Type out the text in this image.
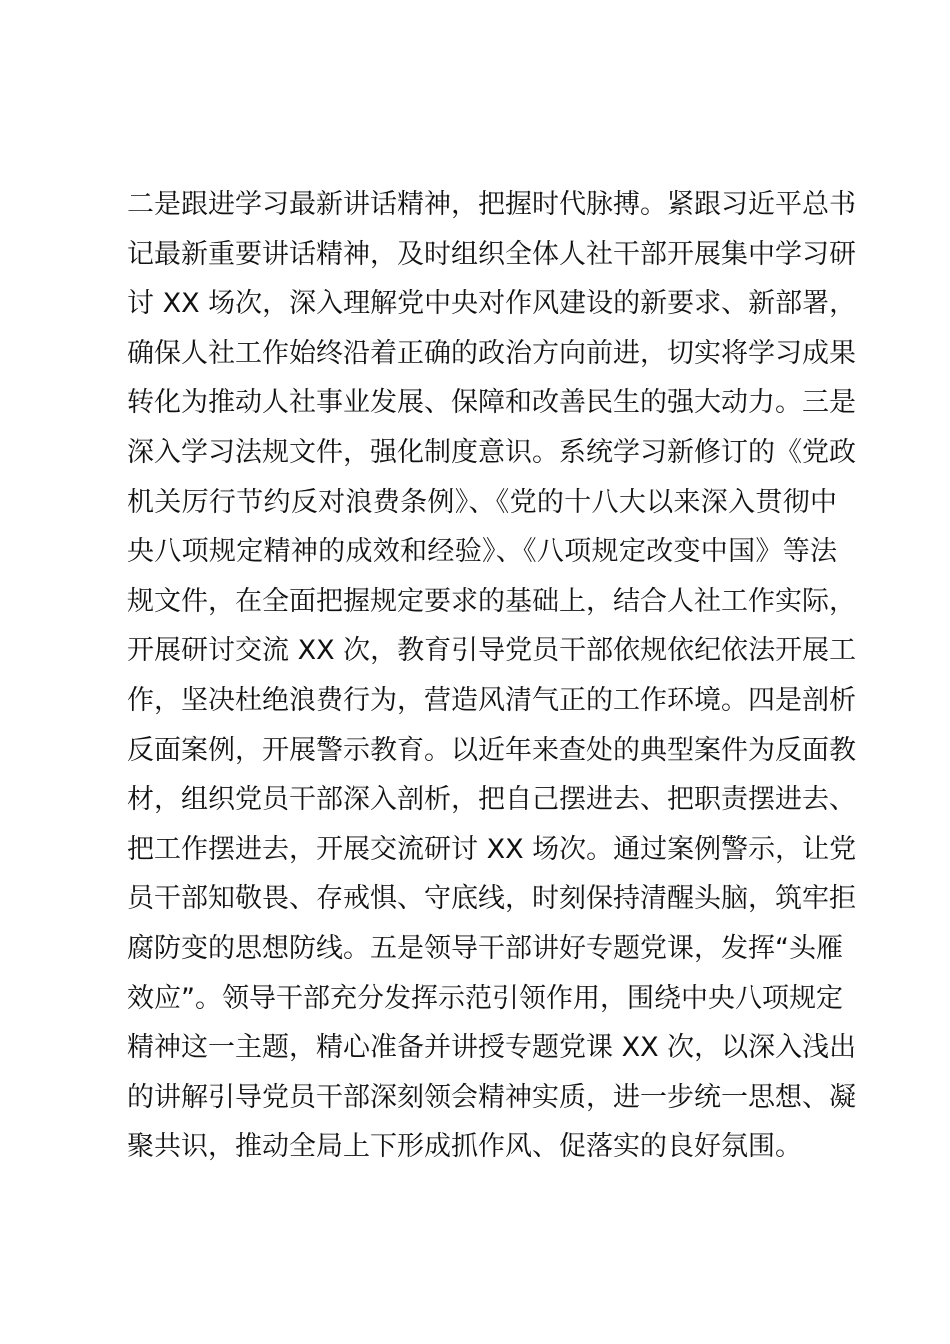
二是跟进学习最新讲话精神，把握时代脉搏。紧跟习近平总书
记最新重要讲话精神，及时组织全体人社干部开展集中学习研
讨 XX 场次，深入理解党中央对作风建设的新要求、新部署，
确保人社工作始终沿着正确的政治方向前进，切实将学习成果
转化为推动人社事业发展、保障和改善民生的强大动力。三是
深入学习法规文件，强化制度意识。系统学习新修订的《党政
机关厉行节约反对浪费条例》、《党的十八大以来深入贯彻中
央八项规定精神的成效和经验》、《八项规定改变中国》等法
规文件，在全面把握规定要求的基础上，结合人社工作实际，
开展研讨交流 XX 次，教育引导党员干部依规依纪依法开展工
作，坚决杜绝浪费行为，营造风清气正的工作环境。四是剖析
反面案例，开展警示教育。以近年来查处的典型案件为反面教
材，组织党员干部深入剖析，把自己摆进去、把职责摆进去、
把工作摆进去，开展交流研讨 XX 场次。通过案例警示，让党
员干部知敬畏、存戒惧、守底线，时刻保持清醒头脑，筑牢拒
腐防变的思想防线。五是领导干部讲好专题党课，发挥“头雁
效应”。领导干部充分发挥示范引领作用，围绕中央八项规定
精神这一主题，精心准备并讲授专题党课 XX 次，以深入浅出
的讲解引导党员干部深刻领会精神实质，进一步统一思想、凝
聚共识，推动全局上下形成抓作风、促落实的良好氛围。
